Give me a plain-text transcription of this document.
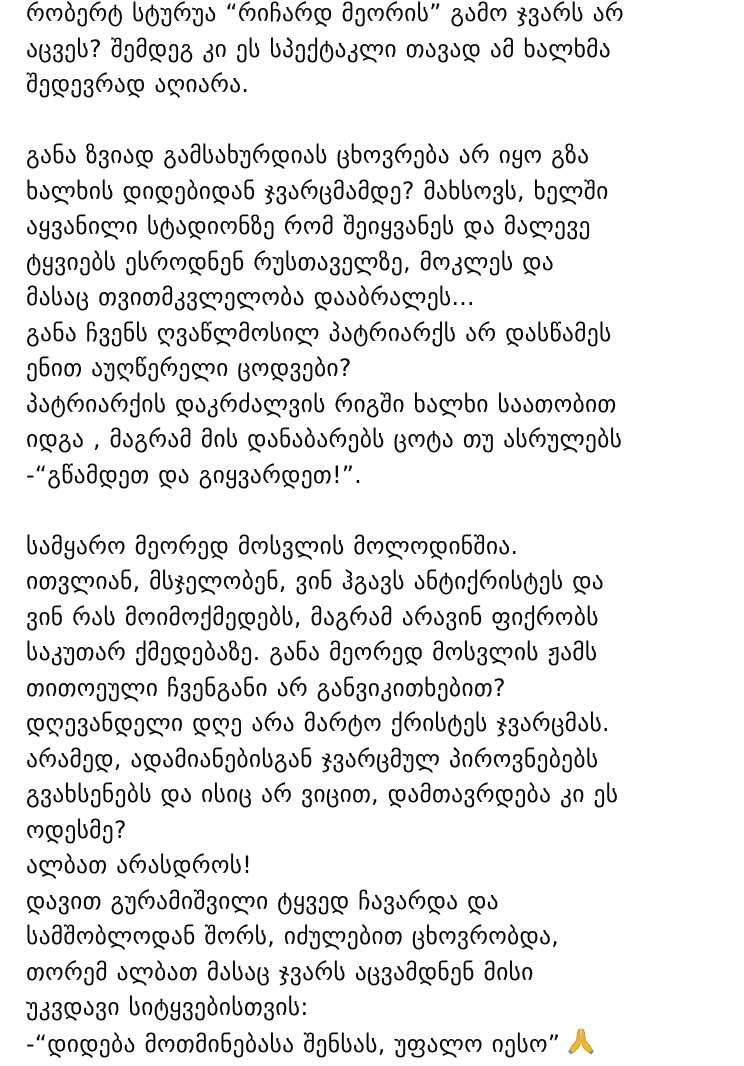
რობერტ სტურუა “რიჩარდ მეორის” გამო ჯვარს არ
აცვეს? შემდეგ კი ეს სპექტაკლი თავად ამ ხალხმა
შედევრად აღიარა.
განა ზვიად გამსახურდიას ცხოვრება არ იყო გზა
ხალხის დიდებიდან ჯვარცმამდე? მახსოვს, ხელში
აყვანილი სტადიონზე რომ შეიყვანეს და მალევე
ტყვიებს ესროდნენ რუსთაველზე, მოკლეს და
მასაც თვითმკვლელობა დააბრალეს...
განა ჩვენს ღვაწლმოსილ პატრიარქს არ დასწამეს
ენით აუღწერელი ცოდვები?
პატრიარქის დაკრძალვის რიგში ხალხი საათობით
იდგა , მაგრამ მის დანაბარებს ცოტა თუ ასრულებს
-“გწამდეთ და გიყვარდეთ!”.
სამყარო მეორედ მოსვლის მოლოდინშია.
ითვლიან, მსჯელობენ, ვინ ჰგავს ანტიქრისტეს და
ვინ რას მოიმოქმედებს, მაგრამ არავინ ფიქრობს
საკუთარ ქმედებაზე. განა მეორედ მოსვლის ჟამს
თითოეული ჩვენგანი არ განვიკითხებით?
დღევანდელი დღე არა მარტო ქრისტეს ჯვარცმას.
არამედ, ადამიანებისგან ჯვარცმულ პიროვნებებს
გვახსენებს და ისიც არ ვიცით, დამთავრდება კი ეს
ოდესმე?
ალბათ არასდროს!
დავით გურამიშვილი ტყვედ ჩავარდა და
სამშობლოდან შორს, იძულებით ცხოვრობდა,
თორემ ალბათ მასაც ჯვარს აცვამდნენ მისი
უკვდავი სიტყვებისთვის:
-“დიდება მოთმინებასა შენსას, უფალო იესო”
